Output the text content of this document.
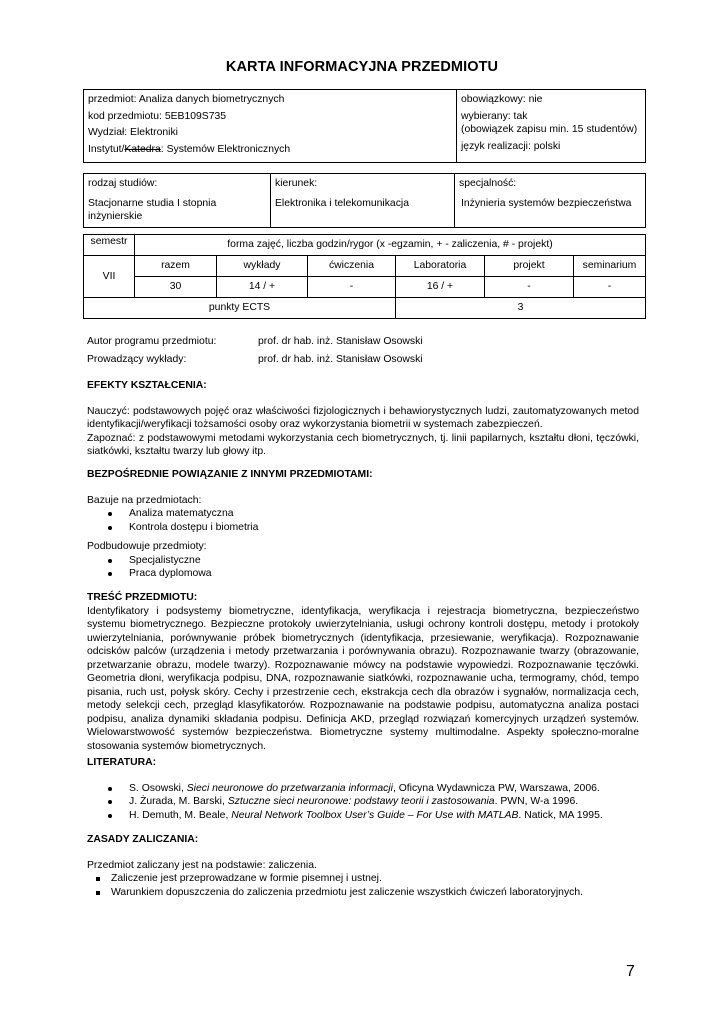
KARTA INFORMACYJNA PRZEDMIOTU
przedmiot: Analiza danych biometrycznych
kod przedmiotu: 5EB109S735
Wydział: Elektroniki
Instytut/Katedra: Systemów Elektronicznych

obowiązkowy: nie
wybierany: tak
(obowiązek zapisu min. 15 studentów)
język realizacji: polski
rodzaj studiów:
Stacjonarne studia I stopnia inżynierskie

kierunek:
Elektronika i telekomunikacja

specjalność:
Inżynieria systemów bezpieczeństwa
semestr	forma zajęć, liczba godzin/rygor (x -egzamin, + - zaliczenia, # - projekt)					
VII	razem	wykłady	ćwiczenia	Laboratoria	projekt	seminarium
	30	14 / +	-	16 / +	-	-
punkty ECTS				3		
Autor programu przedmiotu:	prof. dr hab. inż. Stanisław Osowski
Prowadzący wykłady:	prof. dr hab. inż. Stanisław Osowski

EFEKTY KSZTAŁCENIA:

Nauczyć: podstawowych pojęć oraz właściwości fizjologicznych i behawiorystycznych ludzi, zautomatyzowanych metod identyfikacji/weryfikacji tożsamości osoby oraz wykorzystania biometrii w systemach zabezpieczeń.

Zapoznać: z podstawowymi metodami wykorzystania cech biometrycznych, tj. linii papilarnych, kształtu dłoni, tęczówki, siatkówki, kształtu twarzy lub głowy itp.

BEZPOŚREDNIE POWIĄZANIE Z INNYMI PRZEDMIOTAMI:

Bazuje na przedmiotach:

Analiza matematyczna
Kontrola dostępu i biometria

Podbudowuje przedmioty:

Specjalistyczne
Praca dyplomowa

TREŚĆ PRZEDMIOTU:

Identyfikatory i podsystemy biometryczne, identyfikacja, weryfikacja i rejestracja biometryczna, bezpieczeństwo systemu biometrycznego. Bezpieczne protokoły uwierzytelniania, usługi ochrony kontroli dostępu, metody i protokoły uwierzytelniania, porównywanie próbek biometrycznych (identyfikacja, przesiewanie, weryfikacja). Rozpoznawanie odcisków palców (urządzenia i metody przetwarzania i porównywania obrazu). Rozpoznawanie twarzy (obrazowanie, przetwarzanie obrazu, modele twarzy). Rozpoznawanie mówcy na podstawie wypowiedzi. Rozpoznawanie tęczówki. Geometria dłoni, weryfikacja podpisu, DNA, rozpoznawanie siatkówki, rozpoznawanie ucha, termogramy, chód, tempo pisania, ruch ust, połysk skóry. Cechy i przestrzenie cech, ekstrakcja cech dla obrazów i sygnałów, normalizacja cech, metody selekcji cech, przegląd klasyfikatorów. Rozpoznawanie na podstawie podpisu, automatyczna analiza postaci podpisu, analiza dynamiki składania podpisu. Definicja AKD, przegląd rozwiązań komercyjnych urządzeń systemów. Wielowarstwowość systemów bezpieczeństwa. Biometryczne systemy multimodalne. Aspekty społeczno-moralne stosowania systemów biometrycznych.

LITERATURA:

S. Osowski, Sieci neuronowe do przetwarzania informacji, Oficyna Wydawnicza PW, Warszawa, 2006.
J. Żurada, M. Barski, Sztuczne sieci neuronowe: podstawy teorii i zastosowania. PWN, W-a 1996.
H. Demuth, M. Beale, Neural Network Toolbox User’s Guide – For Use with MATLAB. Natick, MA 1995.

ZASADY ZALICZANIA:

Przedmiot zaliczany jest na podstawie: zaliczenia.

Zaliczenie jest przeprowadzane w formie pisemnej i ustnej.
Warunkiem dopuszczenia do zaliczenia przedmiotu jest zaliczenie wszystkich ćwiczeń laboratoryjnych.
7
